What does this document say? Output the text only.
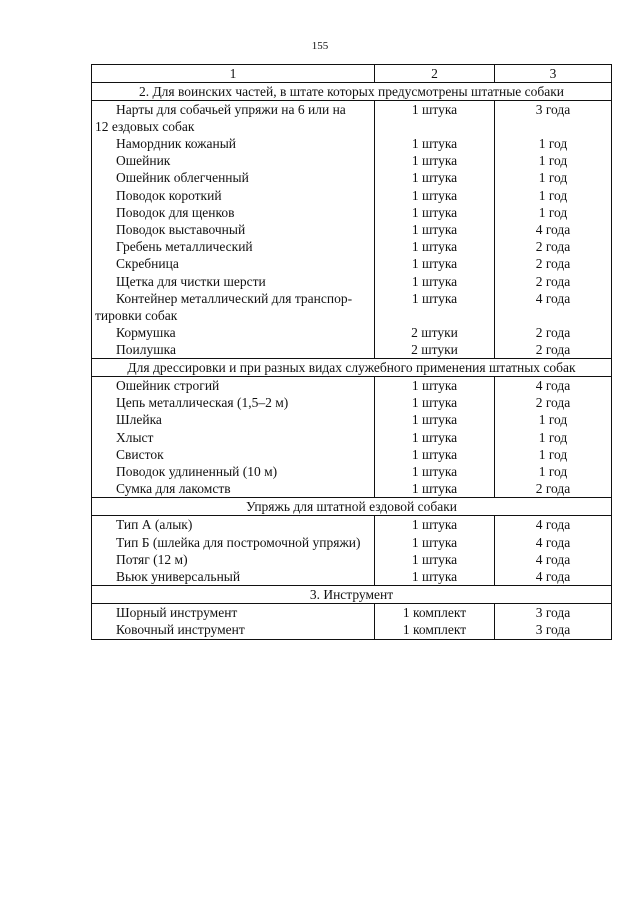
155
1	2	3
2. Для воинских частей, в штате которых предусмотрены штатные собаки		

Нарты для собачьей упряжи на 6 или на
12 ездовых собак	1 штука	3 года

Намордник кожаный	1 штука	1 год

Ошейник	1 штука	1 год

Ошейник облегченный	1 штука	1 год

Поводок короткий	1 штука	1 год

Поводок для щенков	1 штука	1 год

Поводок выставочный	1 штука	4 года

Гребень металлический	1 штука	2 года

Скребница	1 штука	2 года

Щетка для чистки шерсти	1 штука	2 года

Контейнер металлический для транспор-
тировки собак	1 штука	4 года

Кормушка	2 штуки	2 года

Поилушка	2 штуки	2 года
Для дрессировки и при разных видах служебного применения штатных собак		

Ошейник строгий	1 штука	4 года

Цепь металлическая (1,5–2 м)	1 штука	2 года

Шлейка	1 штука	1 год

Хлыст	1 штука	1 год

Свисток	1 штука	1 год

Поводок удлиненный (10 м)	1 штука	1 год

Сумка для лакомств	1 штука	2 года
Упряжь для штатной ездовой собаки		

Тип А (алык)	1 штука	4 года

Тип Б (шлейка для постромочной упряжи)	1 штука	4 года

Потяг (12 м)	1 штука	4 года

Вьюк универсальный	1 штука	4 года
3. Инструмент		

Шорный инструмент	1 комплект	3 года

Ковочный инструмент	1 комплект	3 года
